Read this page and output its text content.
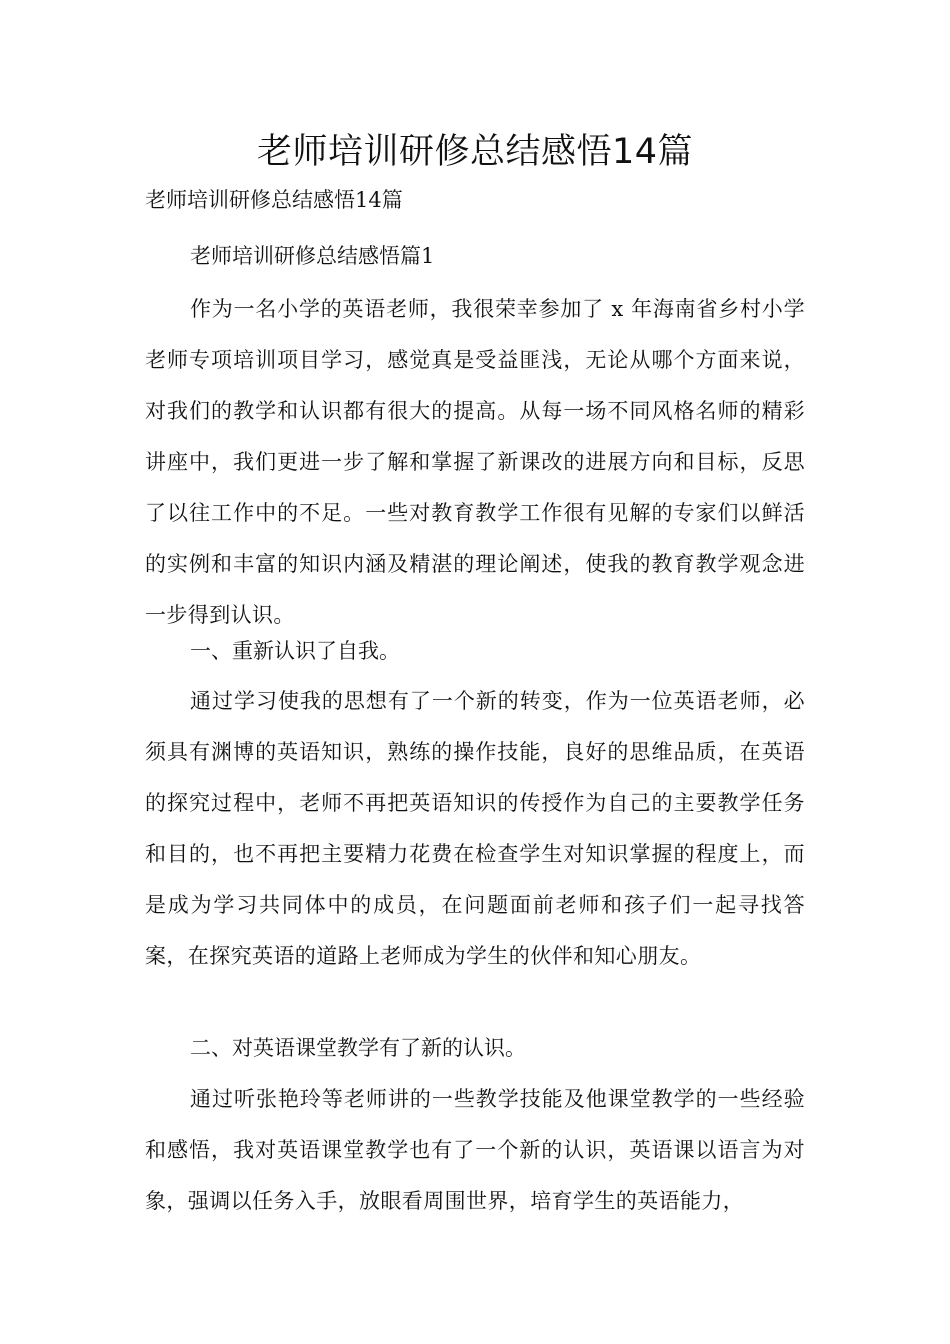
老师培训研修总结感悟14篇

老师培训研修总结感悟14篇

老师培训研修总结感悟篇1

作为一名小学的英语老师，我很荣幸参加了 x 年海南省乡村小学老师专项培训项目学习，感觉真是受益匪浅，无论从哪个方面来说，对我们的教学和认识都有很大的提高。从每一场不同风格名师的精彩讲座中，我们更进一步了解和掌握了新课改的进展方向和目标，反思了以往工作中的不足。一些对教育教学工作很有见解的专家们以鲜活的实例和丰富的知识内涵及精湛的理论阐述，使我的教育教学观念进一步得到认识。

一、重新认识了自我。

通过学习使我的思想有了一个新的转变，作为一位英语老师，必须具有渊博的英语知识，熟练的操作技能，良好的思维品质，在英语的探究过程中，老师不再把英语知识的传授作为自己的主要教学任务和目的，也不再把主要精力花费在检查学生对知识掌握的程度上，而是成为学习共同体中的成员，在问题面前老师和孩子们一起寻找答案，在探究英语的道路上老师成为学生的伙伴和知心朋友。

二、对英语课堂教学有了新的认识。

通过听张艳玲等老师讲的一些教学技能及他课堂教学的一些经验和感悟，我对英语课堂教学也有了一个新的认识，英语课以语言为对象，强调以任务入手，放眼看周围世界，培育学生的英语能力，
